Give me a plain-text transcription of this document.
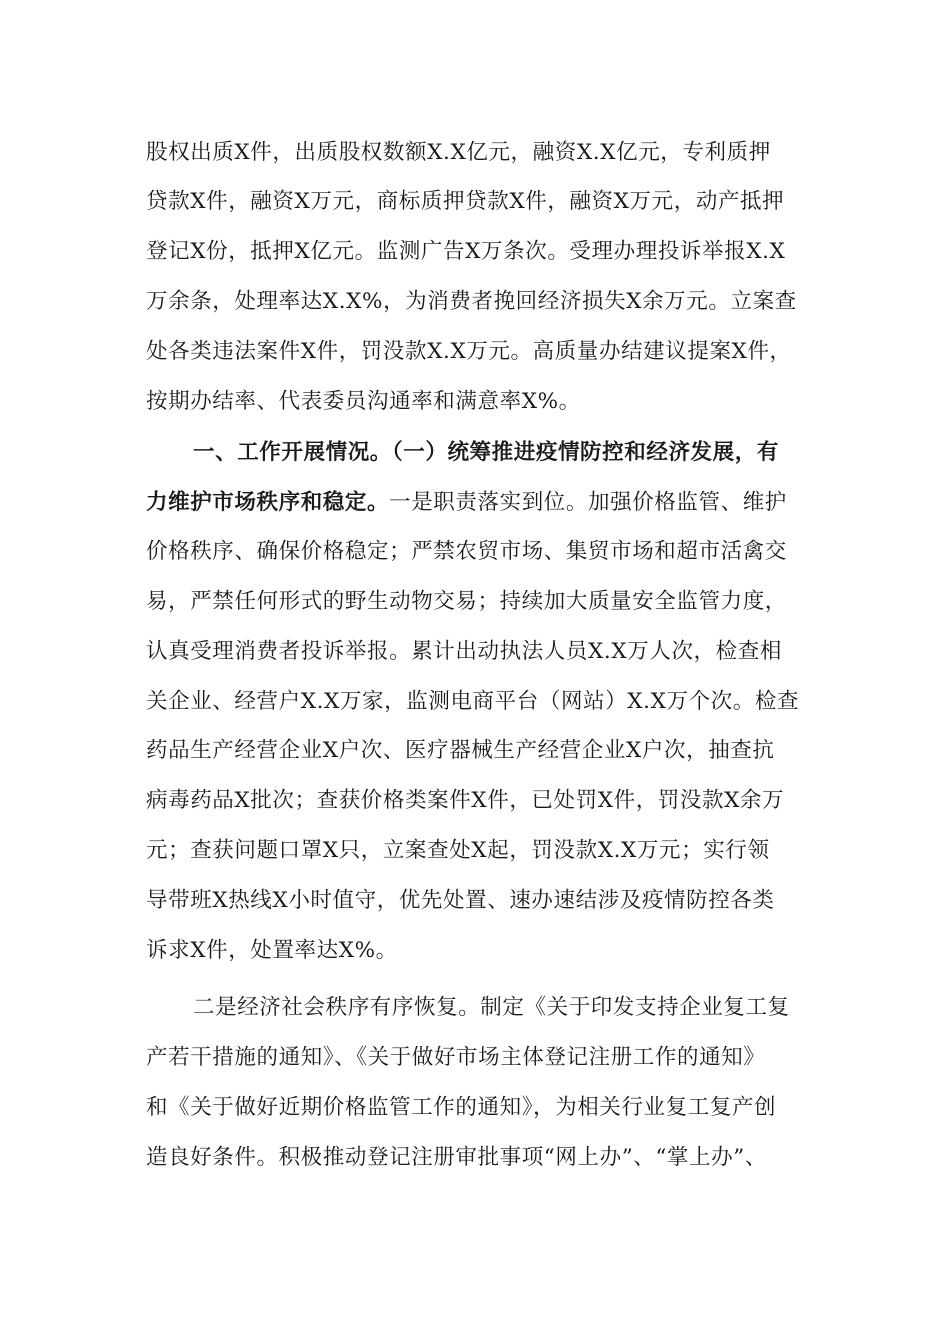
股权出质X件，出质股权数额X.X亿元，融资X.X亿元，专利质押
贷款X件，融资X万元，商标质押贷款X件，融资X万元，动产抵押
登记X份，抵押X亿元。监测广告X万条次。受理办理投诉举报X.X
万余条，处理率达X.X%，为消费者挽回经济损失X余万元。立案查
处各类违法案件X件，罚没款X.X万元。高质量办结建议提案X件，
按期办结率、代表委员沟通率和满意率X%。
一、工作开展情况。（一）统筹推进疫情防控和经济发展，有
力维护市场秩序和稳定。一是职责落实到位。加强价格监管、维护
价格秩序、确保价格稳定；严禁农贸市场、集贸市场和超市活禽交
易，严禁任何形式的野生动物交易；持续加大质量安全监管力度，
认真受理消费者投诉举报。累计出动执法人员X.X万人次，检查相
关企业、经营户X.X万家，监测电商平台（网站）X.X万个次。检查
药品生产经营企业X户次、医疗器械生产经营企业X户次，抽查抗
病毒药品X批次；查获价格类案件X件，已处罚X件，罚没款X余万
元；查获问题口罩X只，立案查处X起，罚没款X.X万元；实行领
导带班X热线X小时值守，优先处置、速办速结涉及疫情防控各类
诉求X件，处置率达X%。
二是经济社会秩序有序恢复。制定《关于印发支持企业复工复
产若干措施的通知》、《关于做好市场主体登记注册工作的通知》
和《关于做好近期价格监管工作的通知》，为相关行业复工复产创
造良好条件。积极推动登记注册审批事项“网上办”、“掌上办”、
